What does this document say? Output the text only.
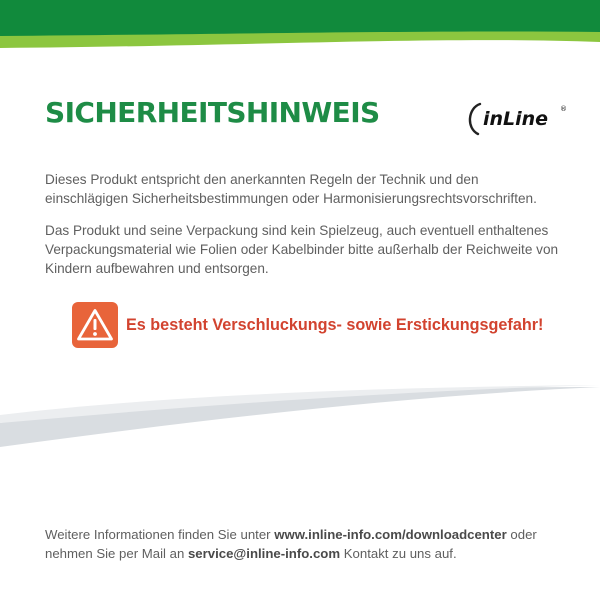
SICHERHEITSHINWEIS	inLine ®

Dieses Produkt entspricht den anerkannten Regeln der Technik und den einschlägigen Sicherheitsbestimmungen oder Harmonisierungsrechtsvorschriften.

Das Produkt und seine Verpackung sind kein Spielzeug, auch eventuell enthaltenes Verpackungsmaterial wie Folien oder Kabelbinder bitte außerhalb der Reichweite von Kindern aufbewahren und entsorgen.

Es besteht Verschluckungs- sowie Erstickungsgefahr!

Weitere Informationen finden Sie unter www.inline-info.com/downloadcenter oder nehmen Sie per Mail an service@inline-info.com Kontakt zu uns auf.
